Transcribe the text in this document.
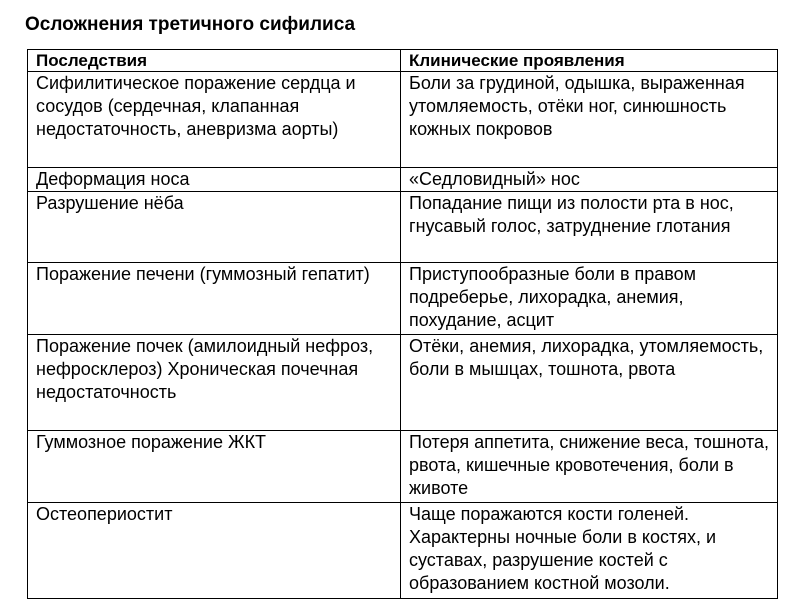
Осложнения третичного сифилиса
Последствия	Клинические проявления
Сифилитическое поражение сердца и сосудов (сердечная, клапанная недостаточность, аневризма аорты)	Боли за грудиной, одышка, выраженная утомляемость, отёки ног, синюшность кожных покровов
Деформация носа	«Седловидный» нос
Разрушение нёба	Попадание пищи из полости рта в нос, гнусавый голос, затруднение глотания
Поражение печени (гуммозный гепатит)	Приступообразные боли в правом подреберье, лихорадка, анемия, похудание, асцит
Поражение почек (амилоидный нефроз, нефросклероз) Хроническая почечная недостаточность	Отёки, анемия, лихорадка, утомляемость, боли в мышцах, тошнота, рвота
Гуммозное поражение ЖКТ	Потеря аппетита, снижение веса, тошнота, рвота, кишечные кровотечения, боли в животе
Остеопериостит	Чаще поражаются кости голеней. Характерны ночные боли в костях, и суставах, разрушение костей с образованием костной мозоли.
